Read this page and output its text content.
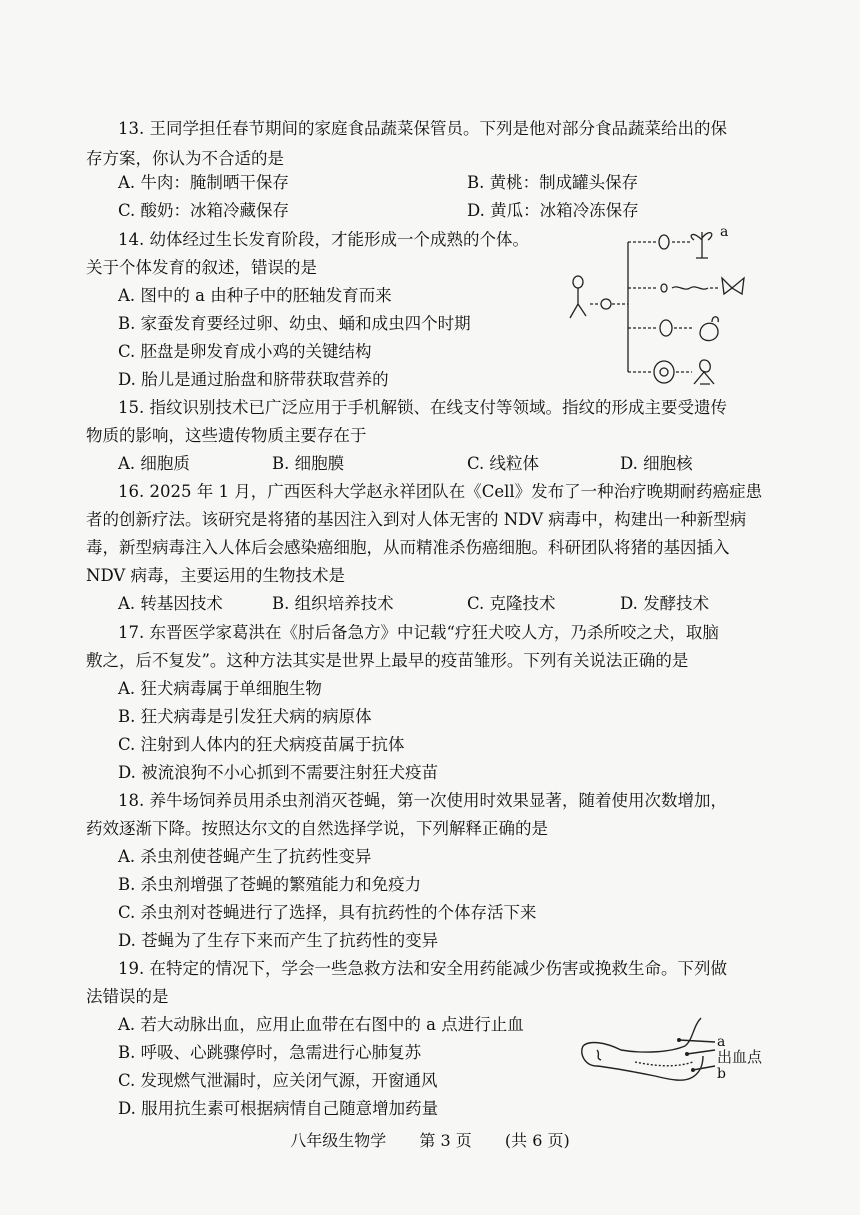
13. 王同学担任春节期间的家庭食品蔬菜保管员。下列是他对部分食品蔬菜给出的保
存方案，你认为不合适的是
A. 牛肉：腌制晒干保存	B. 黄桃：制成罐头保存
C. 酸奶：冰箱冷藏保存	D. 黄瓜：冰箱冷冻保存
14. 幼体经过生长发育阶段，才能形成一个成熟的个体。
关于个体发育的叙述，错误的是
A. 图中的 a 由种子中的胚轴发育而来
B. 家蚕发育要经过卵、幼虫、蛹和成虫四个时期
C. 胚盘是卵发育成小鸡的关键结构
D. 胎儿是通过胎盘和脐带获取营养的
a
15. 指纹识别技术已广泛应用于手机解锁、在线支付等领域。指纹的形成主要受遗传
物质的影响，这些遗传物质主要存在于
A. 细胞质	B. 细胞膜	C. 线粒体	D. 细胞核
16. 2025 年 1 月，广西医科大学赵永祥团队在《Cell》发布了一种治疗晚期耐药癌症患
者的创新疗法。该研究是将猪的基因注入到对人体无害的 NDV 病毒中，构建出一种新型病
毒，新型病毒注入人体后会感染癌细胞，从而精准杀伤癌细胞。科研团队将猪的基因插入
NDV 病毒，主要运用的生物技术是
A. 转基因技术	B. 组织培养技术	C. 克隆技术	D. 发酵技术
17. 东晋医学家葛洪在《肘后备急方》中记载“疗狂犬咬人方，乃杀所咬之犬，取脑
敷之，后不复发”。这种方法其实是世界上最早的疫苗雏形。下列有关说法正确的是
A. 狂犬病毒属于单细胞生物
B. 狂犬病毒是引发狂犬病的病原体
C. 注射到人体内的狂犬病疫苗属于抗体
D. 被流浪狗不小心抓到不需要注射狂犬疫苗
18. 养牛场饲养员用杀虫剂消灭苍蝇，第一次使用时效果显著，随着使用次数增加，
药效逐渐下降。按照达尔文的自然选择学说，下列解释正确的是
A. 杀虫剂使苍蝇产生了抗药性变异
B. 杀虫剂增强了苍蝇的繁殖能力和免疫力
C. 杀虫剂对苍蝇进行了选择，具有抗药性的个体存活下来
D. 苍蝇为了生存下来而产生了抗药性的变异
19. 在特定的情况下，学会一些急救方法和安全用药能减少伤害或挽救生命。下列做
法错误的是
A. 若大动脉出血，应用止血带在右图中的 a 点进行止血
B. 呼吸、心跳骤停时，急需进行心肺复苏
C. 发现燃气泄漏时，应关闭气源，开窗通风
D. 服用抗生素可根据病情自己随意增加药量
a
出血点
b
八年级生物学 第 3 页 (共 6 页)
